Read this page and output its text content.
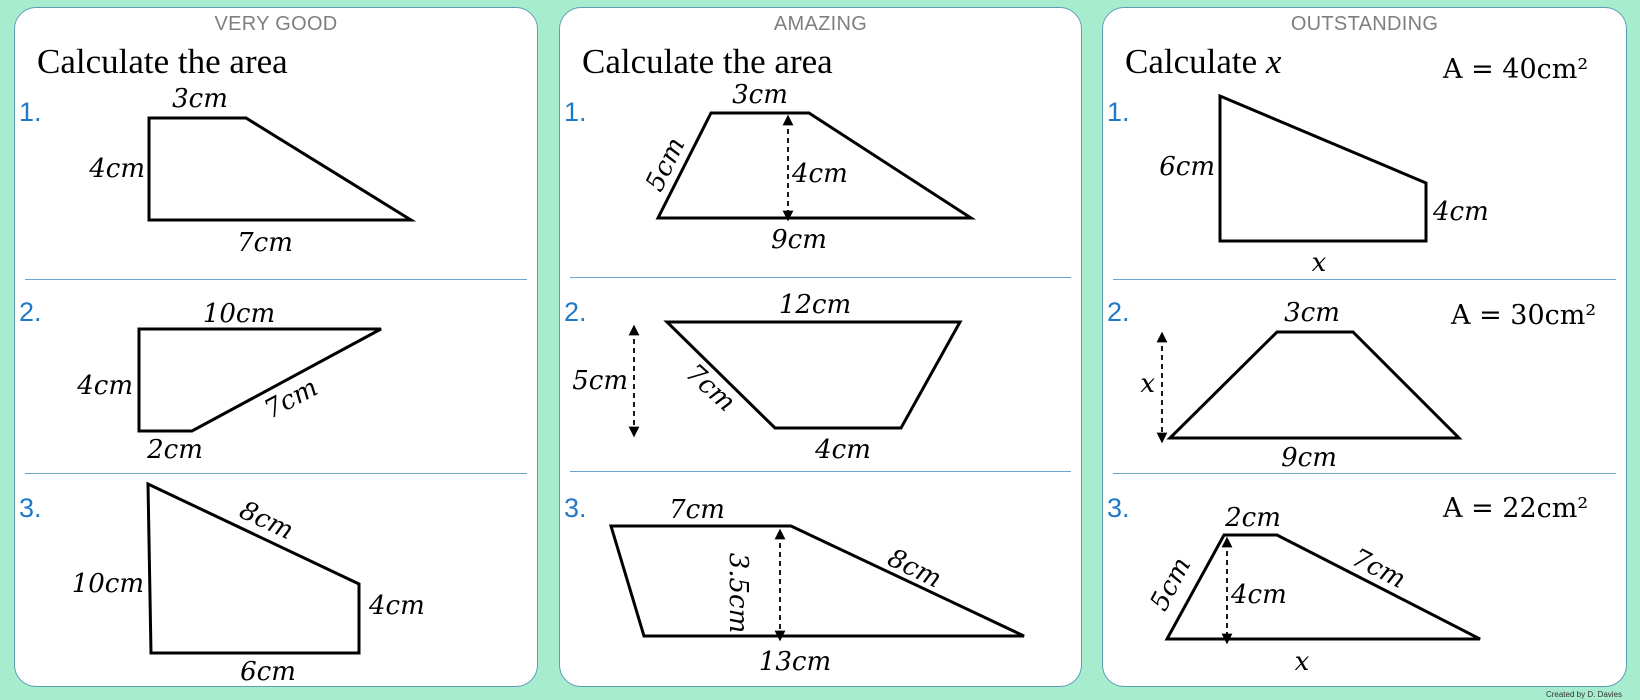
VERY GOOD
Calculate the area
1.
2.
3.
3cm
4cm
7cm
10cm
4cm	7cm
2cm
8cm
10cm
4cm
6cm
AMAZING
Calculate the area
1.
2.
3.
3cm
5cm	4cm
9cm
12cm
5cm 7cm
4cm
7cm
3.5cm	8cm
13cm
OUTSTANDING
Calculate x
1.
A = 40cm²
2.	A = 30cm²
3.	A = 22cm²
6cm
4cm
x
3cm
x
9cm
2cm
5cm 4cm
7cm
x
Created by D. Davies
